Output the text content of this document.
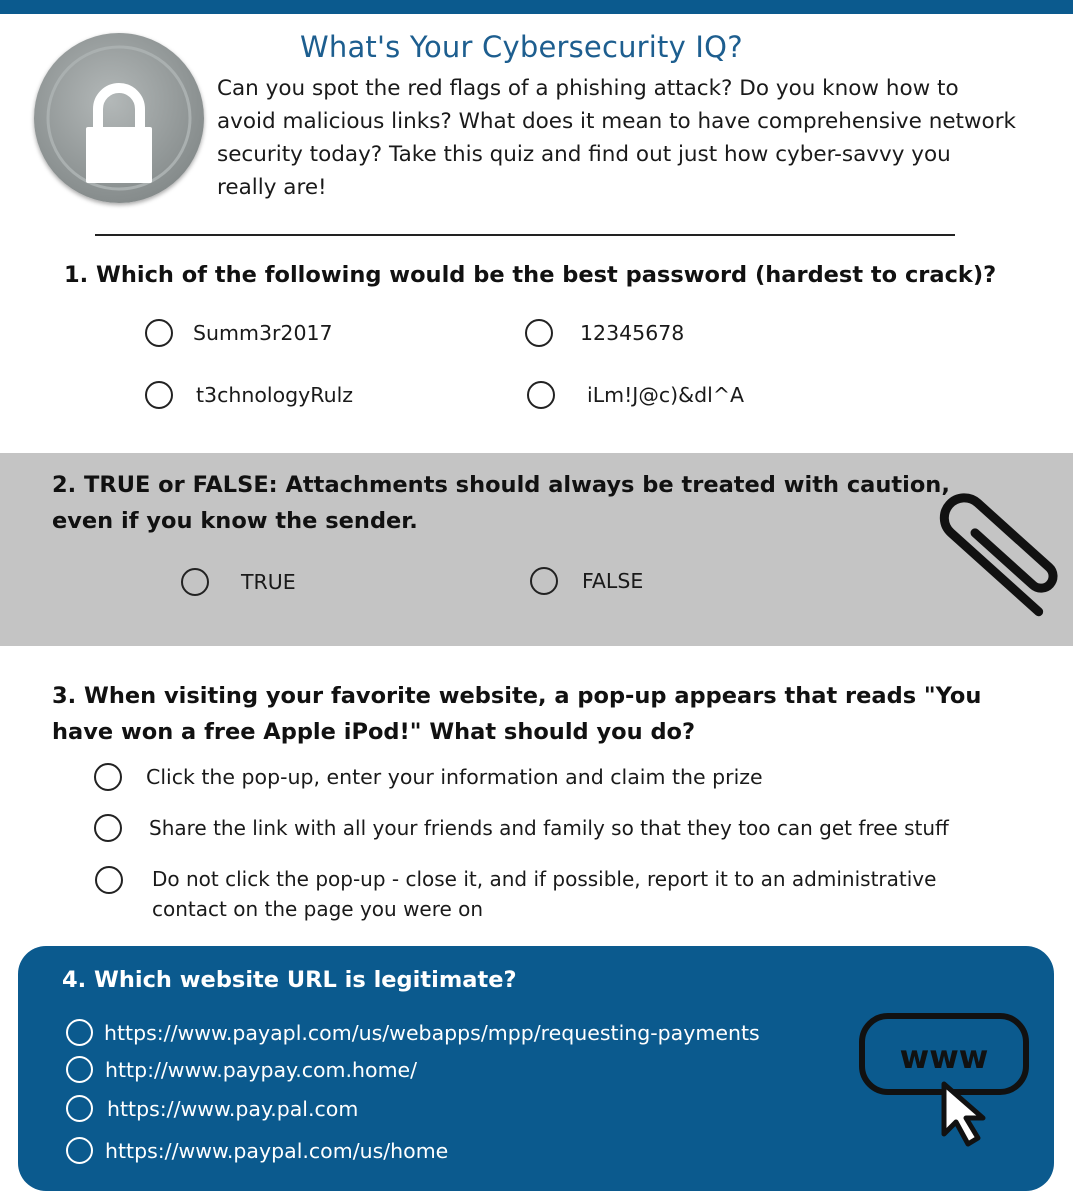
What's Your Cybersecurity IQ?
Can you spot the red flags of a phishing attack? Do you know how to avoid malicious links? What does it mean to have comprehensive network security today? Take this quiz and find out just how cyber-savvy you really are!
1. Which of the following would be the best password (hardest to crack)?
Summ3r2017	12345678
t3chnologyRulz	iLm!J@c)&dl^A
2. TRUE or FALSE: Attachments should always be treated with caution, even if you know the sender.
TRUE	FALSE
3. When visiting your favorite website, a pop-up appears that reads "You have won a free Apple iPod!" What should you do?
Click the pop-up, enter your information and claim the prize
Share the link with all your friends and family so that they too can get free stuff
Do not click the pop-up - close it, and if possible, report it to an administrative contact on the page you were on
4. Which website URL is legitimate?
https://www.payapl.com/us/webapps/mpp/requesting-payments
http://www.paypay.com.home/
https://www.pay.pal.com
https://www.paypal.com/us/home
www
